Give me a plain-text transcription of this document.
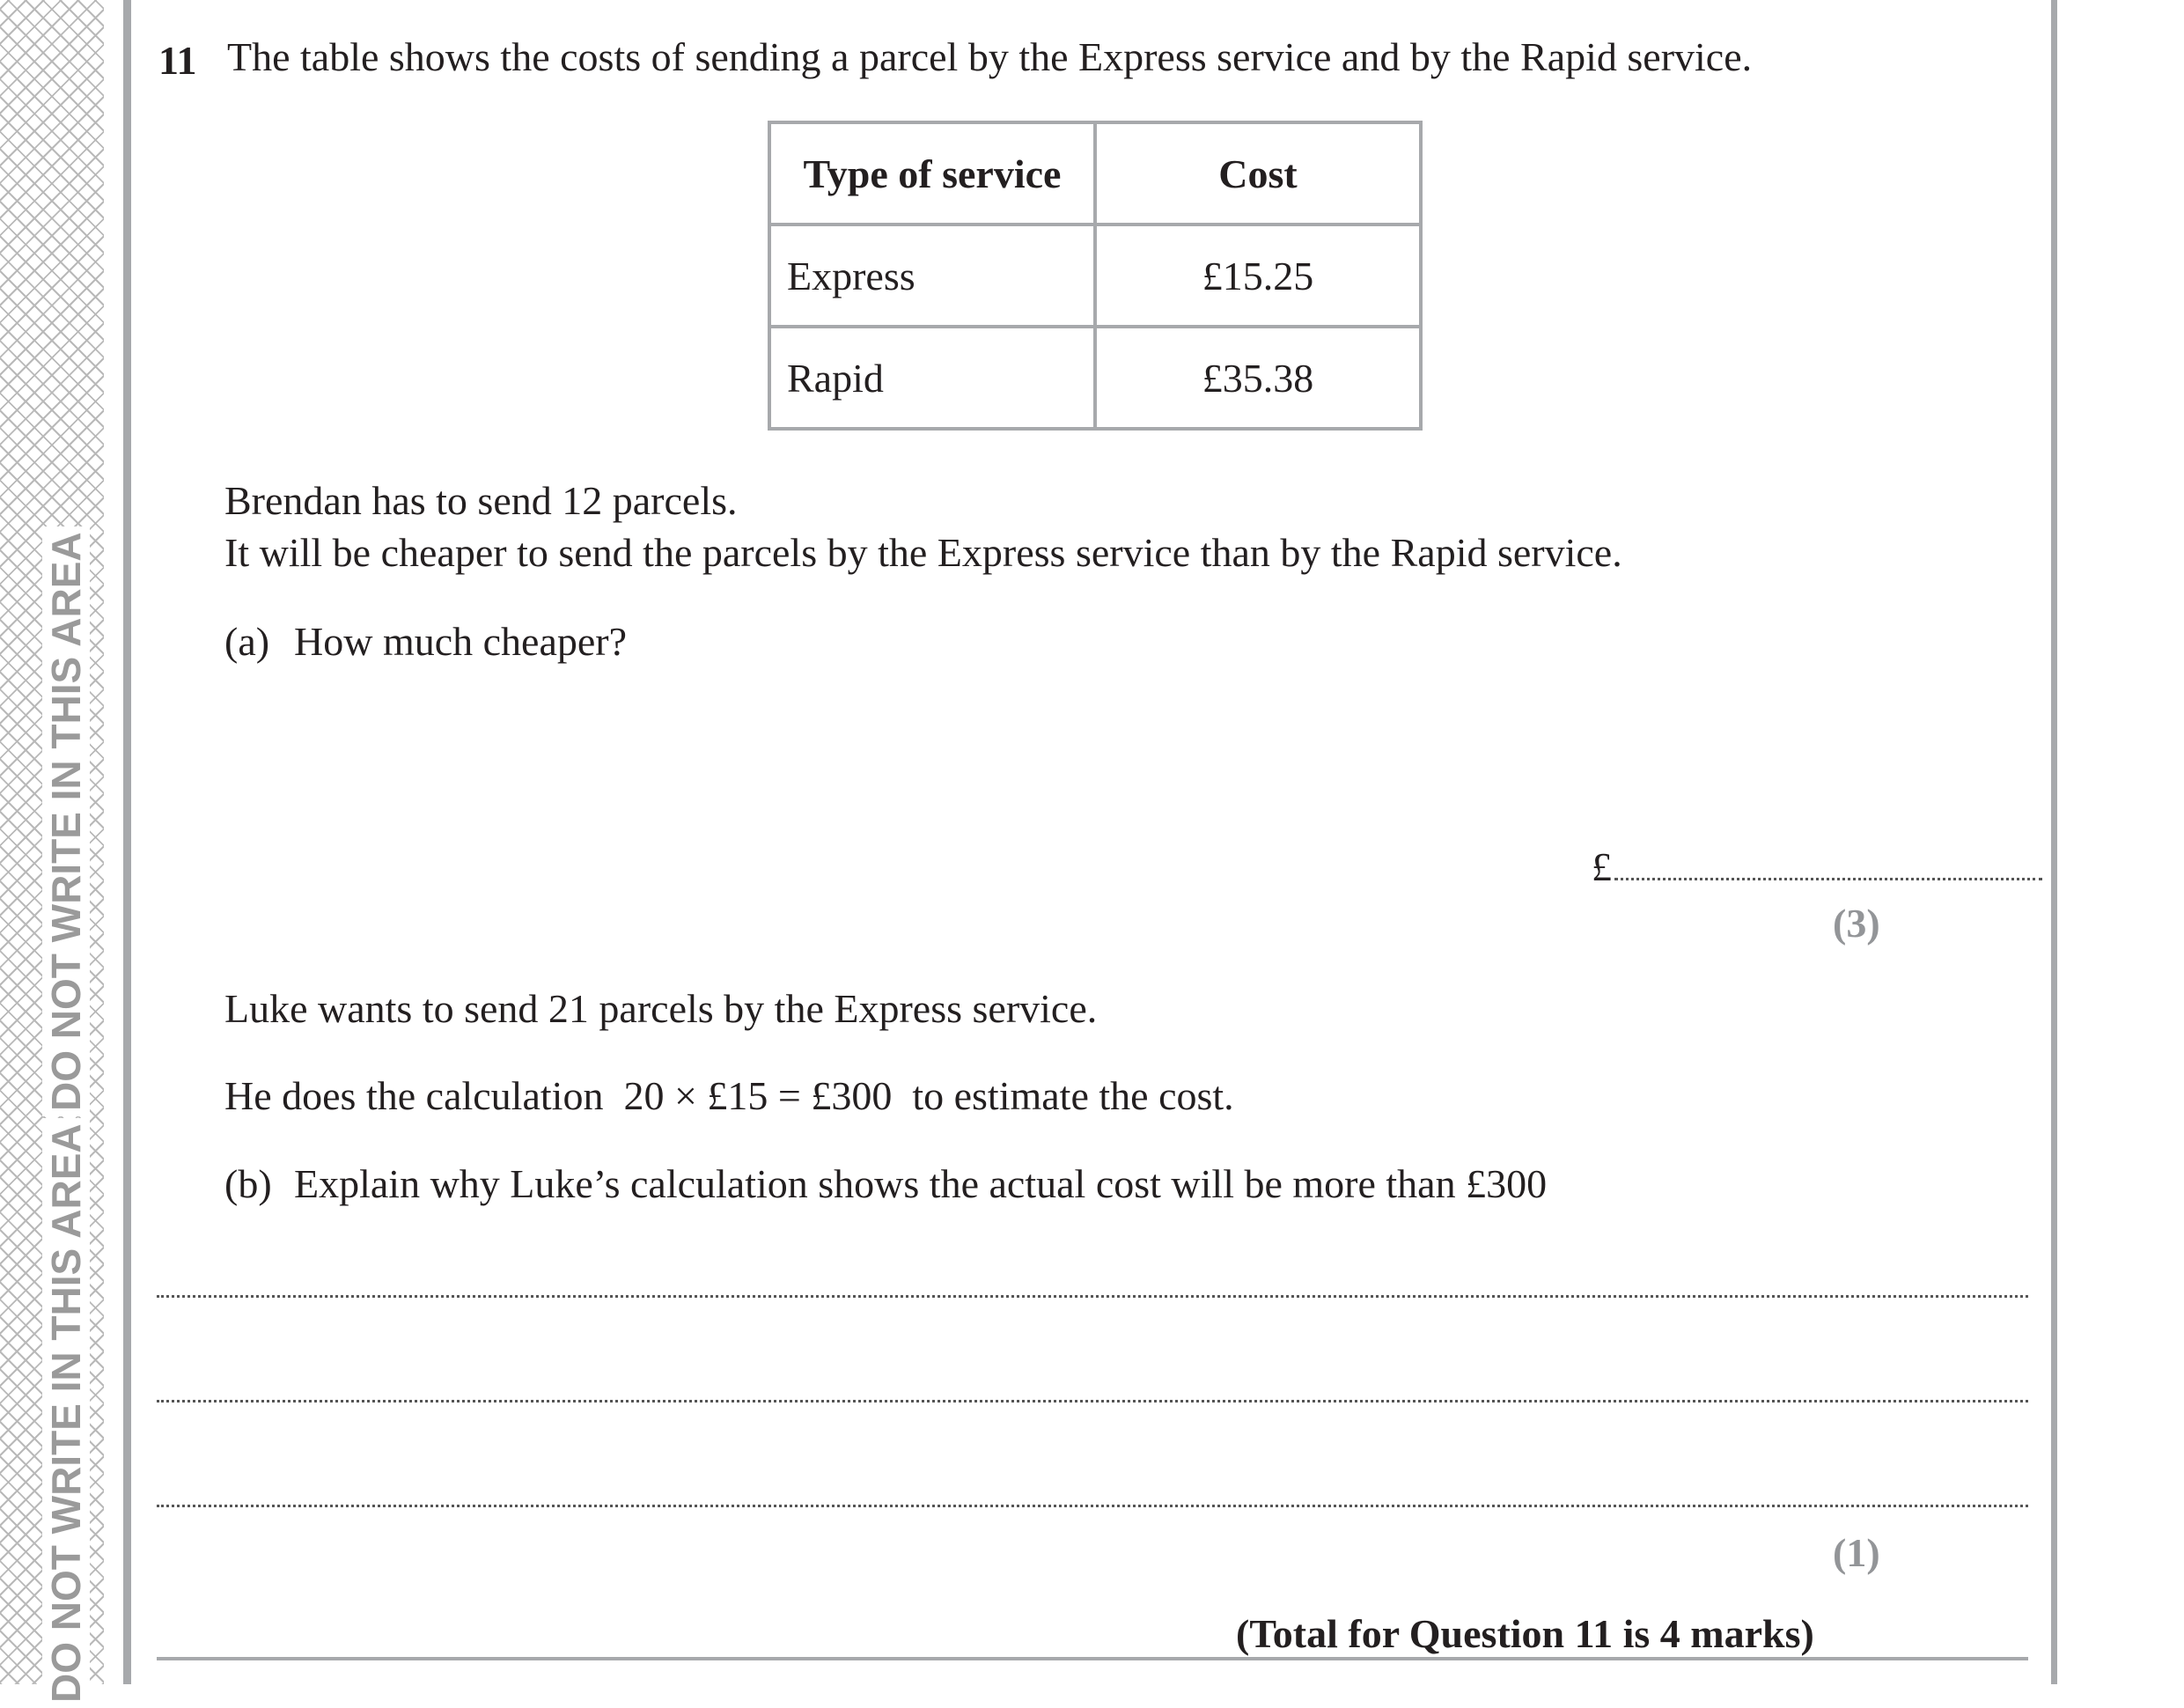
DO NOT WRITE IN THIS AREA
DO NOT WRITE IN THIS AREA
11 The table shows the costs of sending a parcel by the Express service and by the Rapid service.
Type of service	Cost
Express	£15.25
Rapid	£35.38
Brendan has to send 12 parcels.
It will be cheaper to send the parcels by the Express service than by the Rapid service.
(a) How much cheaper?
£
(3)
Luke wants to send 21 parcels by the Express service.
He does the calculation  20 × £15 = £300  to estimate the cost.
(b) Explain why Luke’s calculation shows the actual cost will be more than £300
(1)
(Total for Question 11 is 4 marks)
